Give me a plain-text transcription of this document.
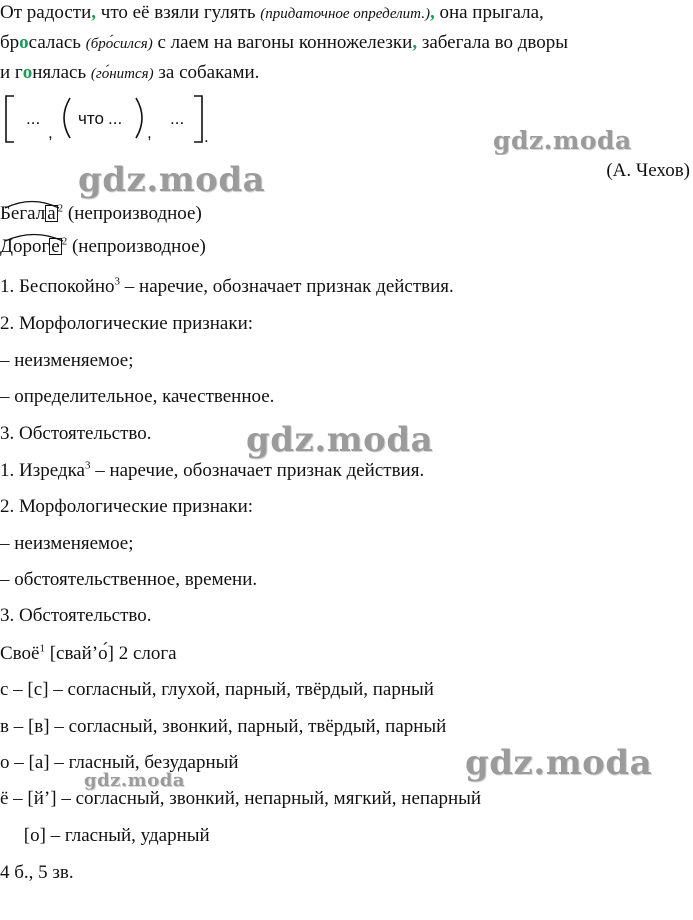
От радости, что её взяли гулять (придаточное определит.), она прыгала,
бросалась (бро́сился) с лаем на вагоны конножелезки, забегала во дворы
и гонялась (го́нится) за собаками.
...
,
что ...
,
...
.
(А. Чехов)
Бегал а $^2$ (непроизводное)
Дорог е $^2$ (непроизводное)
1. Беспокойно$^3$ – наречие, обозначает признак действия.
2. Морфологические признаки:
– неизменяемое;
– определительное, качественное.
3. Обстоятельство.
1. Изредка$^3$ – наречие, обозначает признак действия.
2. Морфологические признаки:
– неизменяемое;
– обстоятельственное, времени.
3. Обстоятельство.
Своё$^1$ [свай’о́] 2 слога
с – [с] – согласный, глухой, парный, твёрдый, парный
в – [в] – согласный, звонкий, парный, твёрдый, парный
о – [а] – гласный, безударный
ё – [й’] – согласный, звонкий, непарный, мягкий, непарный
[о] – гласный, ударный
4 б., 5 зв.
gdz.moda
gdz.moda
gdz.moda
gdz.moda
gdz.moda
